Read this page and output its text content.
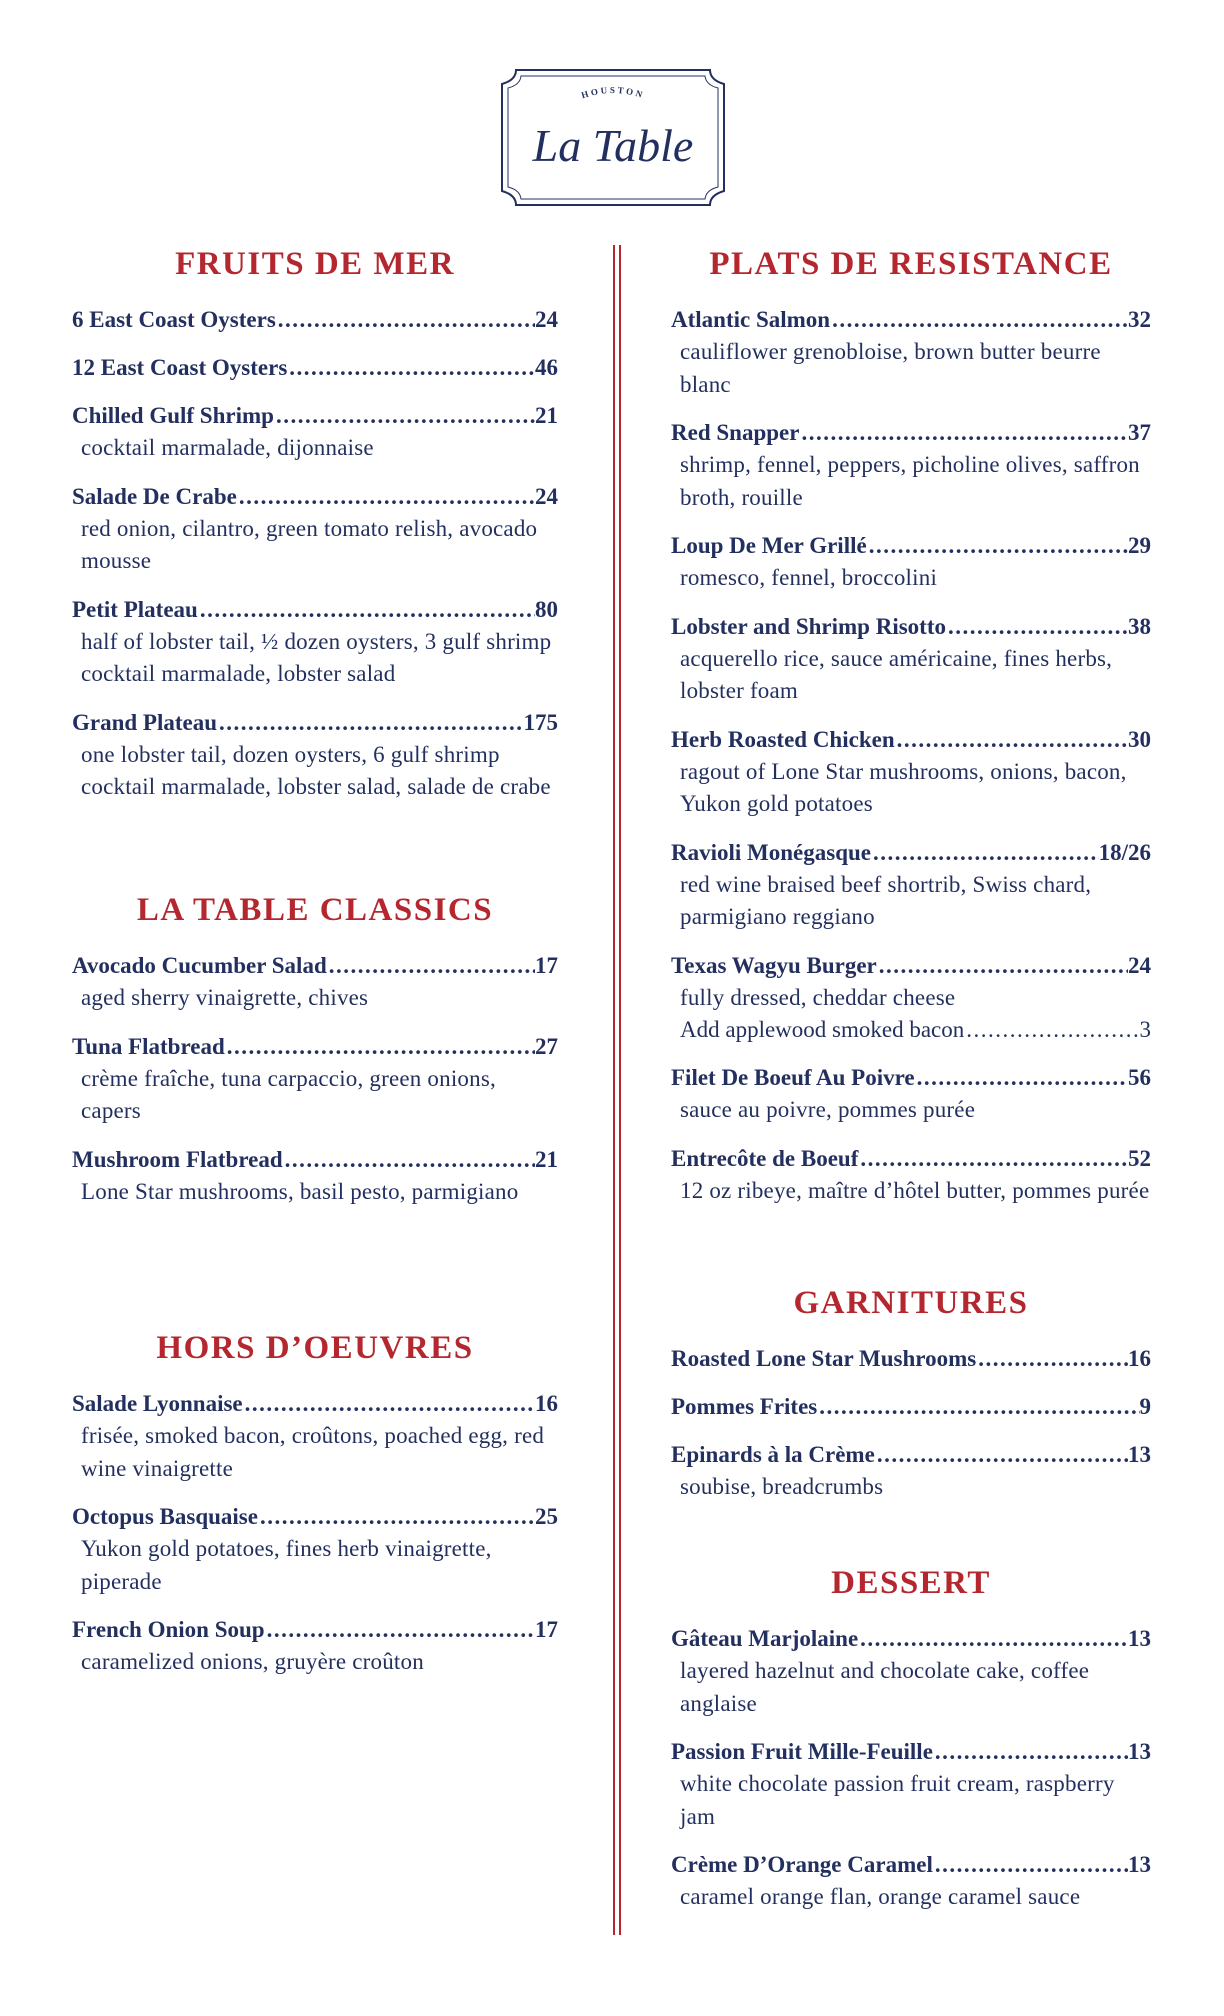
HOUSTON
La Table
FRUITS DE MER
6 East Coast Oysters .....	24
12 East Coast Oysters .....	46
Chilled Gulf Shrimp .....	21
cocktail marmalade, dijonnaise
Salade De Crabe .....	24
red onion, cilantro, green tomato relish, avocado mousse
Petit Plateau .....	80
half of lobster tail, ½ dozen oysters, 3 gulf shrimp cocktail marmalade, lobster salad
Grand Plateau .....	175
one lobster tail, dozen oysters, 6 gulf shrimp cocktail marmalade, lobster salad, salade de crabe
LA TABLE CLASSICS
Avocado Cucumber Salad .....	17
aged sherry vinaigrette, chives
Tuna Flatbread .....	27
crème fraîche, tuna carpaccio, green onions, capers
Mushroom Flatbread .....	21
Lone Star mushrooms, basil pesto, parmigiano
HORS D’OEUVRES
Salade Lyonnaise .....	16
frisée, smoked bacon, croûtons, poached egg, red wine vinaigrette
Octopus Basquaise .....	25
Yukon gold potatoes, fines herb vinaigrette, piperade
French Onion Soup .....	17
caramelized onions, gruyère croûton
PLATS DE RESISTANCE
Atlantic Salmon .....	32
cauliflower grenobloise, brown butter beurre blanc
Red Snapper .....	37
shrimp, fennel, peppers, picholine olives, saffron broth, rouille
Loup De Mer Grillé .....	29
romesco, fennel, broccolini
Lobster and Shrimp Risotto .....	38
acquerello rice, sauce américaine, fines herbs, lobster foam
Herb Roasted Chicken .....	30
ragout of Lone Star mushrooms, onions, bacon, Yukon gold potatoes
Ravioli Monégasque .....	18/26
red wine braised beef shortrib, Swiss chard, parmigiano reggiano
Texas Wagyu Burger .....	24
fully dressed, cheddar cheese
Add applewood smoked bacon .....	3
Filet De Boeuf Au Poivre .....	56
sauce au poivre, pommes purée
Entrecôte de Boeuf .....	52
12 oz ribeye, maître d’hôtel butter, pommes purée
GARNITURES
Roasted Lone Star Mushrooms .....	16
Pommes Frites .....	9
Epinards à la Crème .....	13
soubise, breadcrumbs
DESSERT
Gâteau Marjolaine .....	13
layered hazelnut and chocolate cake, coffee anglaise
Passion Fruit Mille-Feuille .....	13
white chocolate passion fruit cream, raspberry jam
Crème D’Orange Caramel .....	13
caramel orange flan, orange caramel sauce
